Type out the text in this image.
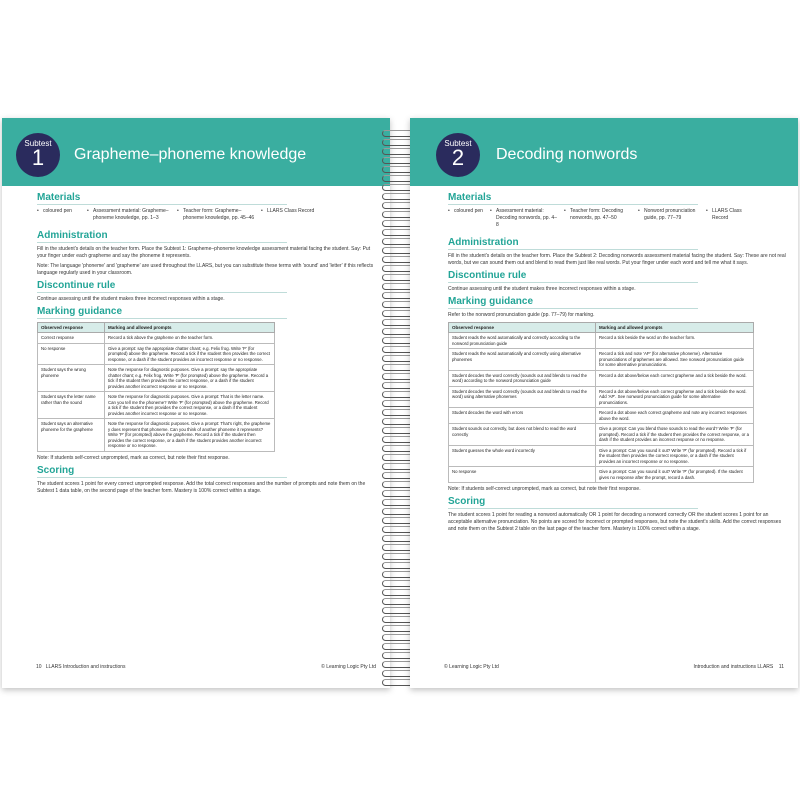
Subtest
1	Grapheme–phoneme knowledge
Materials
• coloured pen	• Assessment material: Grapheme–phoneme knowledge, pp. 1–3
• Teacher form: Grapheme–phoneme knowledge, pp. 45–46
• LLARS Class Record
Administration

Fill in the student's details on the teacher form. Place the Subtest 1: Grapheme–phoneme knowledge assessment material facing the student. Say: Put your finger under each grapheme and say the phoneme it represents.

Note: The language 'phoneme' and 'grapheme' are used throughout the LLARS, but you can substitute these terms with 'sound' and 'letter' if this reflects language regularly used in your classroom.

Discontinue rule

Continue assessing until the student makes three incorrect responses within a stage.

Marking guidance
Observed response	Marking and allowed prompts
Correct response	Record a tick above the grapheme on the teacher form.
No response	Give a prompt: say the appropriate chatter chant; e.g. Felix frog. Write 'P' (for prompted) above the grapheme. Record a tick if the student then provides the correct response, or a dash if the student provides an incorrect response or no response.
Student says the wrong phoneme	Note the response for diagnostic purposes. Give a prompt: say the appropriate chatter chant; e.g. Felix frog. Write 'P' (for prompted) above the grapheme. Record a tick if the student then provides the correct response, or a dash if the student provides another incorrect response or no response.
Student says the letter name rather than the sound	Note the response for diagnostic purposes. Give a prompt: That is the letter name. Can you tell me the phoneme? Write 'P' (for prompted) above the grapheme. Record a tick if the student then provides the correct response, or a dash if the student provides another incorrect response or no response.
Student says an alternative phoneme for the grapheme	Note the response for diagnostic purposes. Give a prompt: That's right, the grapheme y does represent that phoneme. Can you think of another phoneme it represents? Write 'P' (for prompted) above the grapheme. Record a tick if the student then provides the correct response, or a dash if the student provides another incorrect response or no response.

Note: If students self-correct unprompted, mark as correct, but note their first response.

Scoring

The student scores 1 point for every correct unprompted response. Add the total correct responses and the number of prompts and note them on the Subtest 1 data table, on the second page of the teacher form. Mastery is 100% correct within a stage.

10 LLARS Introduction and instructions	© Learning Logic Pty Ltd
Subtest
2	Decoding nonwords
Materials
• coloured pen	• Assessment material: Decoding nonwords, pp. 4–8
• Teacher form: Decoding nonwords, pp. 47–50
• Nonword pronunciation guide, pp. 77–79
• LLARS Class Record
Administration

Fill in the student's details on the teacher form. Place the Subtest 2: Decoding nonwords assessment material facing the student. Say: These are not real words, but we can sound them out and blend to read them just like real words. Put your finger under each word and tell me what it says.

Discontinue rule

Continue assessing until the student makes three incorrect responses within a stage.

Marking guidance

Refer to the nonword pronunciation guide (pp. 77–79) for marking.

Observed response	Marking and allowed prompts
Student reads the word automatically and correctly according to the nonword pronunciation guide	Record a tick beside the word on the teacher form.
Student reads the word automatically and correctly using alternative phonemes	Record a tick and note 'AP' (for alternative phoneme). Alternative pronunciations of graphemes are allowed. See nonword pronunciation guide for some alternative pronunciations.
Student decodes the word correctly (sounds out and blends to read the word) according to the nonword pronunciation guide	Record a dot above/below each correct grapheme and a tick beside the word.
Student decodes the word correctly (sounds out and blends to read the word) using alternative phonemes	Record a dot above/below each correct grapheme and a tick beside the word. Add 'AP'. See nonword pronunciation guide for some alternative pronunciations.
Student decodes the word with errors	Record a dot above each correct grapheme and note any incorrect responses above the word.
Student sounds out correctly, but does not blend to read the word correctly	Give a prompt: Can you blend those sounds to read the word? Write 'P' (for prompted). Record a tick if the student then provides the correct response, or a dash if the student provides an incorrect response or no response.
Student guesses the whole word incorrectly	Give a prompt: Can you sound it out? Write 'P' (for prompted). Record a tick if the student then provides the correct response, or a dash if the student provides an incorrect response or no response.
No response	Give a prompt: Can you sound it out? Write 'P' (for prompted). If the student gives no response after the prompt, record a dash.

Note: If students self-correct unprompted, mark as correct, but note their first response.

Scoring

The student scores 1 point for reading a nonword automatically OR 1 point for decoding a nonword correctly OR the student scores 1 point for an acceptable alternative pronunciation. No points are scored for incorrect or prompted responses, but note the student's skills. Add the correct responses and note them on the Subtest 2 table on the last page of the teacher form. Mastery is 100% correct within a stage.

© Learning Logic Pty Ltd	Introduction and instructions LLARS 11
